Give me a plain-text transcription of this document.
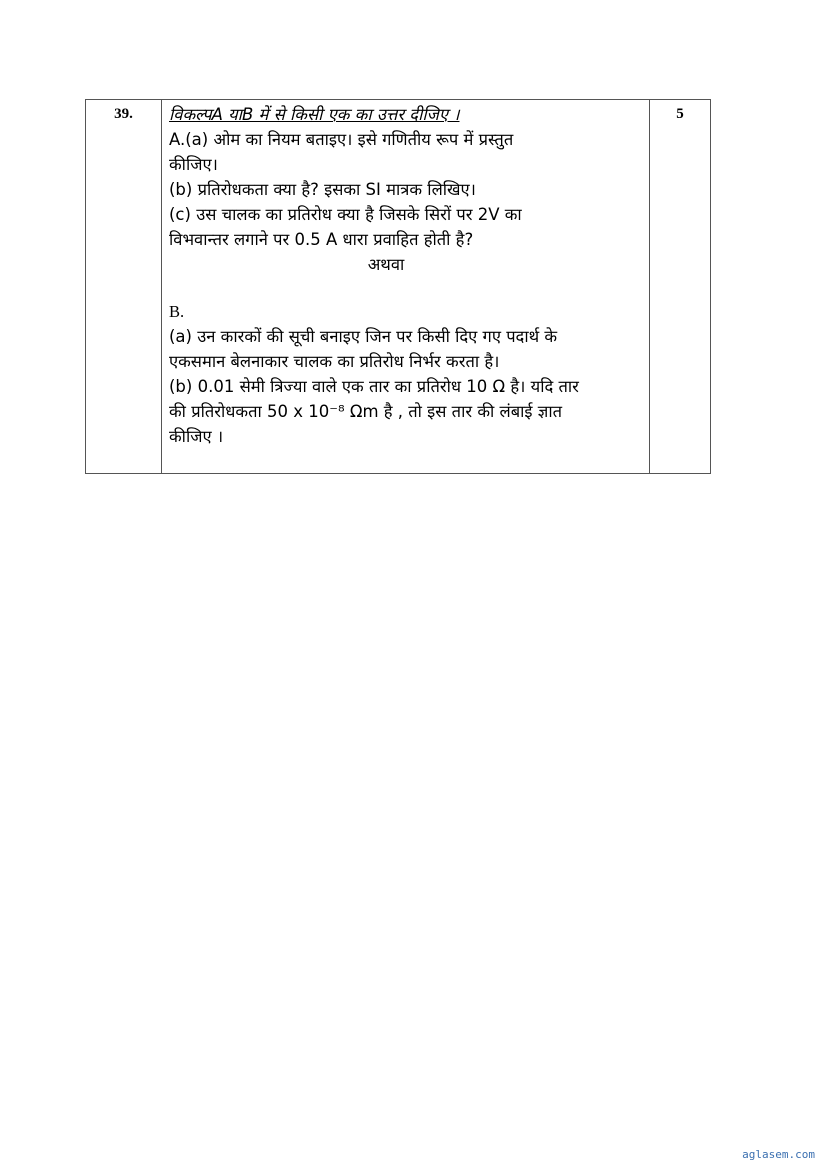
39.	विकल्पA याB में से किसी एक का उत्तर दीजिए ।
A.(a) ओम का नियम बताइए। इसे गणितीय रूप में प्रस्तुत
कीजिए।
(b) प्रतिरोधकता क्या है? इसका SI मात्रक लिखिए।
(c) उस चालक का प्रतिरोध क्या है जिसके सिरों पर 2V का
विभवान्तर लगाने पर 0.5 A धारा प्रवाहित होती है?
अथवा
B.
(a) उन कारकों की सूची बनाइए जिन पर किसी दिए गए पदार्थ के
एकसमान बेलनाकार चालक का प्रतिरोध निर्भर करता है।
(b) 0.01 सेमी त्रिज्या वाले एक तार का प्रतिरोध 10 Ω है। यदि तार
की प्रतिरोधकता 50 x 10⁻⁸ Ωm है , तो इस तार की लंबाई ज्ञात
कीजिए ।
5
aglasem.com
